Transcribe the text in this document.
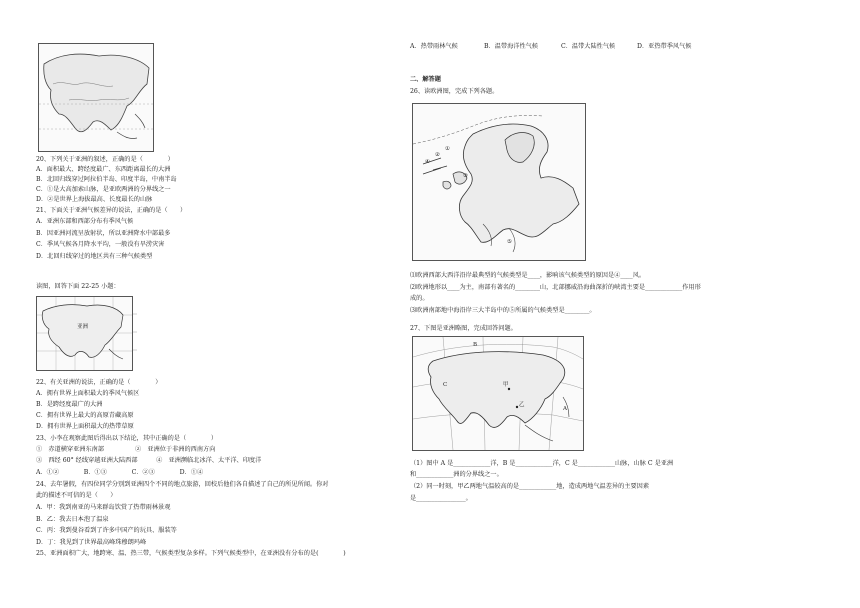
20、下列关于亚洲的叙述，正确的是（　　　　）
A．面积最大、跨经度最广、东西距离最长的大洲
B．北回归线穿过阿拉伯半岛、印度半岛，中南半岛
C．①是大高加索山脉，是亚欧两洲的分界线之一
D．②是世界上海拔最高、长度最长的山脉
21、下面关于亚洲气候差异的说法，正确的是（　　）
A．亚洲东部和西部分布有季风气候
B．因亚洲河流呈放射状，所以亚洲降水中部最多
C．季风气候各月降水平均，一般没有旱涝灾害
D．北回归线穿过的地区共有三种气候类型
读图，回答下面 22-25 小题：
亚洲
22、有关亚洲的说法，正确的是（　　　　）
A．拥有世界上面积最大的季风气候区
B．是跨经度最广的大洲
C．拥有世界上最大的高原青藏高原
D．拥有世界上面积最大的热带草原
23、小李在观察此图后得出以下结论，其中正确的是（　　　　）
①　赤道横穿亚洲东南部　　　　　②　亚洲位于非洲的西南方向
③　西经 60° 经线穿越亚洲大陆西部　　　④　亚洲濒临北冰洋、太平洋、印度洋
A．①②　　　　B．①③　　　　C．②③　　　　D．①④
24、去年暑假，有四位同学分别到亚洲四个不同的地点旅游，回校后他们各自描述了自己的所见所闻。你对
此的描述不可信的是（　　）
A．甲：我到南亚的马来群岛饮赏了热带雨林景观
B．乙：我去日本泡了温泉
C．丙：我到曼谷看到了许多中国产的玩具、服装等
D．丁：我见到了世界最高峰珠穆朗玛峰
25、亚洲面积广大，地跨寒、温、热三带，气候类型复杂多样。下列气候类型中，在亚洲没有分布的是(　　　　)
A．热带雨林气候	B．温带海洋性气候	C．温带大陆性气候	D．亚热带季风气候
二、解答题
26、读欧洲图，完成下列各题。
①
②
③
④
⑤
⑴欧洲西部大西洋沿岸最典型的气候类型是____，影响该气候类型的原因是④____风。
⑵欧洲地形以____为主，南部有著名的________山，北部挪威沿海曲深折的峡湾主要是____________作用形
成的。
⑶欧洲南部地中海沿岸三大半岛中的⑤所属的气候类型是________。
27、下图是亚洲略图，完成回答问题。
A
B
C	甲
乙
（1）图中 A 是____________洋，B 是____________洋，C 是____________山脉，山脉 C 是亚洲
和____________洲的分界线之一。
（2）同一时刻，甲乙两地气温较高的是____________地，造成两地气温差异的主要因素
是________________。
